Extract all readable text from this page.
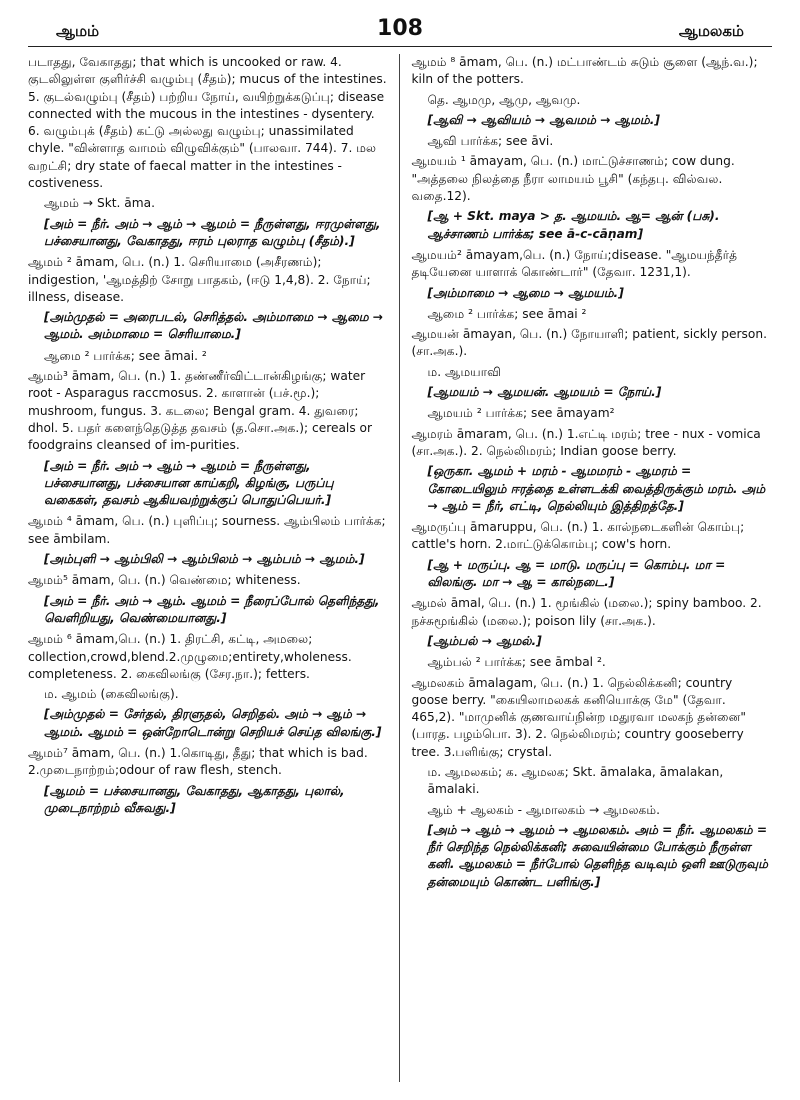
ஆமம்	108	ஆமலகம்
படாதது, வேகாதது; that which is uncooked or raw. 4. குடலிலுள்ள குளிர்ச்சி வழும்பு (சீதம்); mucus of the intestines. 5. குடல்வழும்பு (சீதம்) பற்றிய நோய், வயிற்றுக்கடுப்பு; disease connected with the mucous in the intestines - dysentery. 6. வழும்புக் (சீதம்) கட்டு அல்லது வழும்பு; unassimilated chyle. "வின்ளாத வாமம் விழுவிக்கும்" (பாலவா. 744). 7. மல வறட்சி; dry state of faecal matter in the intestines - costiveness.
ஆமம் → Skt. āma.
[அம் = நீர். அம் → ஆம் → ஆமம் = நீருள்ளது, ஈரமுள்ளது, பச்சையானது, வேகாதது, ஈரம் புலராத வழும்பு (சீதம்).]
ஆமம் ² āmam, பெ. (n.) 1. செரியாமை (அசீரணம்); indigestion, 'ஆமத்திற் சோறு பாதகம், (ஈடு 1,4,8). 2. நோய்; illness, disease.
[அம்முதல் = அரைபடல், செரித்தல். அம்மாமை → ஆமை → ஆமம். அம்மாமை = செரியாமை.]
ஆமை ² பார்க்க; see āmai. ²
ஆமம்³ āmam, பெ. (n.) 1. தண்ணீர்விட்டான்கிழங்கு; water root - Asparagus raccmosus. 2. காளான் (பச்.மூ.); mushroom, fungus. 3. கடலை; Bengal gram. 4. துவரை; dhol. 5. பதர் களைந்தெடுத்த தவசம் (த.சொ.அக.); cereals or foodgrains cleansed of im-purities.
[அம் = நீர். அம் → ஆம் → ஆமம் = நீருள்ளது, பச்சையானது, பச்சையான காய்கறி, கிழங்கு, பருப்பு வகைகள், தவசம் ஆகியவற்றுக்குப் பொதுப்பெயர்.]
ஆமம் ⁴ āmam, பெ. (n.) புளிப்பு; sourness. ஆம்பிலம் பார்க்க; see āmbilam.
[அம்புளி → ஆம்பிலி → ஆம்பிலம் → ஆம்பம் → ஆமம்.]
ஆமம்⁵ āmam, பெ. (n.) வெண்மை; whiteness.
[அம் = நீர். அம் → ஆம். ஆமம் = நீரைப்போல் தெளிந்தது, வெளிறியது, வெண்மையானது.]
ஆமம் ⁶ āmam,பெ. (n.) 1. திரட்சி, கட்டி, அமலை; collection,crowd,blend.2.முழுமை;entirety,wholeness. completeness. 2. கைவிலங்கு (சேர.நா.); fetters.
ம. ஆமம் (கைவிலங்கு).
[அம்முதல் = சேர்தல், திரளுதல், செறிதல். அம் → ஆம் → ஆமம். ஆமம் = ஒன்றோடொன்று செறியச் செய்த விலங்கு.]
ஆமம்⁷ āmam, பெ. (n.) 1.கொடிது, தீது; that which is bad. 2.முடைநாற்றம்;odour of raw flesh, stench.
[ஆமம் = பச்சையானது, வேகாதது, ஆகாதது, புலால், முடைநாற்றம் வீசுவது.]
ஆமம் ⁸ āmam, பெ. (n.) மட்பாண்டம் சுடும் சூளை (ஆந்.வ.); kiln of the potters.
தெ. ஆமமு, ஆமு, ஆவமு.
[ஆவி → ஆவியம் → ஆவமம் → ஆமம்.]
ஆவி பார்க்க; see āvi.
ஆமயம் ¹ āmayam, பெ. (n.) மாட்டுச்சாணம்; cow dung. "அத்தலை நிலத்தை நீரா லாமயம் பூசி" (கந்தபு. வில்வல. வதை.12).
[ஆ + Skt. maya > த. ஆமயம். ஆ= ஆன் (பசு). ஆச்சாணம் பார்க்க; see ā-c-cāṇam]
ஆமயம்² āmayam,பெ. (n.) நோய்;disease. "ஆமயந்தீர்த் தடியேனை யாளாக் கொண்டார்" (தேவா. 1231,1).
[அம்மாமை → ஆமை → ஆமயம்.]
ஆமை ² பார்க்க; see āmai ²
ஆமயன் āmayan, பெ. (n.) நோயாளி; patient, sickly person. (சா.அக.).
ம. ஆமயாவி
[ஆமயம் → ஆமயன். ஆமயம் = நோய்.]
ஆமயம் ² பார்க்க; see āmayam²
ஆமரம் āmaram, பெ. (n.) 1.எட்டி மரம்; tree - nux - vomica (சா.அக.). 2. நெல்லிமரம்; Indian goose berry.
[ஒருகா. ஆமம் + மரம் - ஆமமரம் - ஆமரம் = கோடையிலும் ஈரத்தை உள்ளடக்கி வைத்திருக்கும் மரம். அம் → ஆம் = நீர், எட்டி, நெல்லியும் இத்திறத்தே.]
ஆமருப்பு āmaruppu, பெ. (n.) 1. கால்நடைகளின் கொம்பு; cattle's horn. 2.மாட்டுக்கொம்பு; cow's horn.
[ஆ + மருப்பு. ஆ = மாடு. மருப்பு = கொம்பு. மா = விலங்கு. மா → ஆ = கால்நடை.]
ஆமல் āmal, பெ. (n.) 1. மூங்கில் (மலை.); spiny bamboo. 2. நச்சுமூங்கில் (மலை.); poison lily (சா.அக.).
[ஆம்பல் → ஆமல்.]
ஆம்பல் ² பார்க்க; see āmbal ².
ஆமலகம் āmalagam, பெ. (n.) 1. நெல்லிக்கனி; country goose berry. "கையிலாமலகக் கனியொக்கு மே" (தேவா. 465,2). "மாமுனிக் குணவாய்நின்ற மதுரவா மலகந் தன்னை" (பாரத. பழம்பொ. 3). 2. நெல்லிமரம்; country gooseberry tree. 3.பளிங்கு; crystal.
ம. ஆமலகம்; க. ஆமலக; Skt. āmalaka, āmalakan, āmalaki.
ஆம் + ஆலகம் - ஆமாலகம் → ஆமலகம்.
[அம் → ஆம் → ஆமம் → ஆமலகம். அம் = நீர். ஆமலகம் = நீர் செறிந்த நெல்லிக்கனி; சுவையின்மை போக்கும் நீருள்ள கனி. ஆமலகம் = நீர்போல் தெளிந்த வடிவும் ஒளி ஊடுருவும் தன்மையும் கொண்ட பளிங்கு.]
